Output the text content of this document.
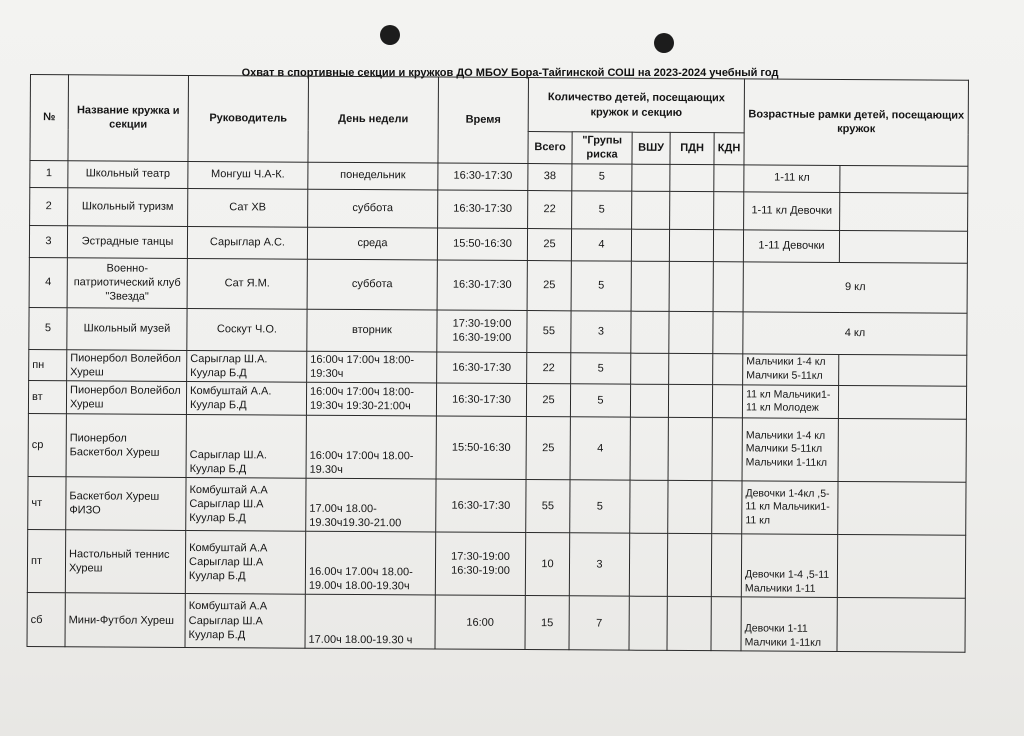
Охват в спортивные секции и кружков ДО МБОУ Бора-Тайгинской СОШ на 2023-2024 учебный год
№	Название кружка и секции	Руководитель	День недели	Время	Количество детей, посещающих кружок и секцию					Возрастные рамки детей, посещающих кружок	
					Всего	"Групы риска	ВШУ	ПДН	КДН		
1	Школьный театр	Монгуш Ч.А-К.	понедельник	16:30-17:30	38	5				1-11 кл	
2	Школьный туризм	Сат ХВ	суббота	16:30-17:30	22	5				1-11 кл Девочки	
3	Эстрадные танцы	Сарыглар А.С.	среда	15:50-16:30	25	4				1-11 Девочки	
4	Военно-патриотический клуб "Звезда"	Сат Я.М.	суббота	16:30-17:30	25	5				9 кл	
5	Школьный музей	Соскут Ч.О.	вторник	17:30-19:00 16:30-19:00	55	3				4 кл	
пн	Пионербол Волейбол Хуреш	Сарыглар Ш.А. Куулар Б.Д	16:00ч 17:00ч 18:00-19:30ч	16:30-17:30	22	5				Мальчики 1-4 кл Малчики 5-11кл	
вт	Пионербол Волейбол Хуреш	Комбуштай А.А. Куулар Б.Д	16:00ч 17:00ч 18:00-19:30ч 19:30-21:00ч	16:30-17:30	25	5				11 кл Мальчики1-11 кл Молодеж	
ср	Пионербол Баскетбол Хуреш	Сарыглар Ш.А. Куулар Б.Д	16:00ч 17:00ч 18.00-19.30ч	15:50-16:30	25	4				Мальчики 1-4 кл Малчики 5-11кл Мальчики 1-11кл	
чт	Баскетбол Хуреш ФИЗО	Комбуштай А.А Сарыглар Ш.А Куулар Б.Д	17.00ч 18.00-19.30ч19.30-21.00	16:30-17:30	55	5				Девочки 1-4кл ,5-11 кл Мальчики1-11 кл	
пт	Настольный теннис Хуреш	Комбуштай А.А Сарыглар Ш.А Куулар Б.Д	16.00ч 17.00ч 18.00-19.00ч 18.00-19.30ч	17:30-19:00 16:30-19:00	10	3				Девочки 1-4 ,5-11 Мальчики 1-11	
сб	Мини-Футбол Хуреш	Комбуштай А.А Сарыглар Ш.А Куулар Б.Д	17.00ч 18.00-19.30 ч	16:00	15	7				Девочки 1-11 Малчики 1-11кл	
